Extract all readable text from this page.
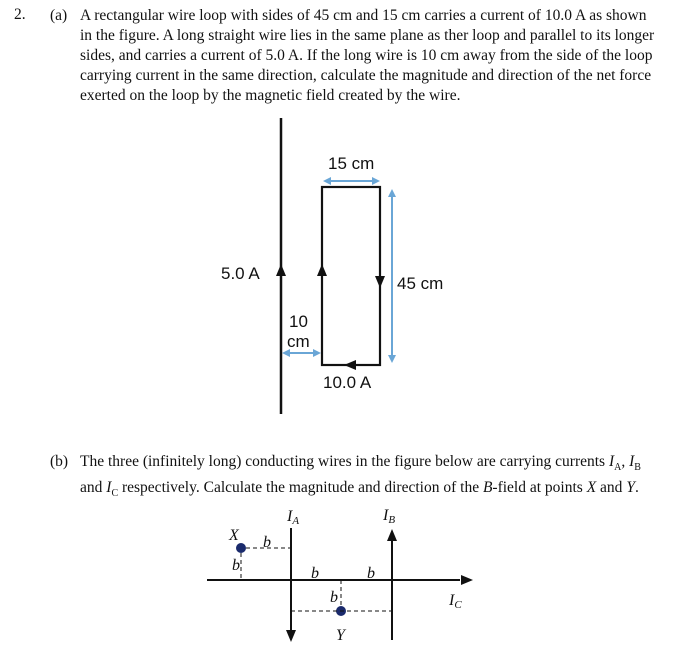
2. (a) A rectangular wire loop with sides of 45 cm and 15 cm carries a current of 10.0 A as shown
in the figure. A long straight wire lies in the same plane as ther loop and parallel to its longer
sides, and carries a current of 5.0 A. If the long wire is 10 cm away from the side of the loop
carrying current in the same direction, calculate the magnitude and direction of the net force
exerted on the loop by the magnetic field created by the wire.
5.0 A
15 cm
45 cm
10
cm
10.0 A
IA	IB
IC
X b
b	b	b
b
Y
(b) The three (infinitely long) conducting wires in the figure below are carrying currents $I_A$, $I_B$
and $I_C$ respectively. Calculate the magnitude and direction of the B-field at points X and Y.
